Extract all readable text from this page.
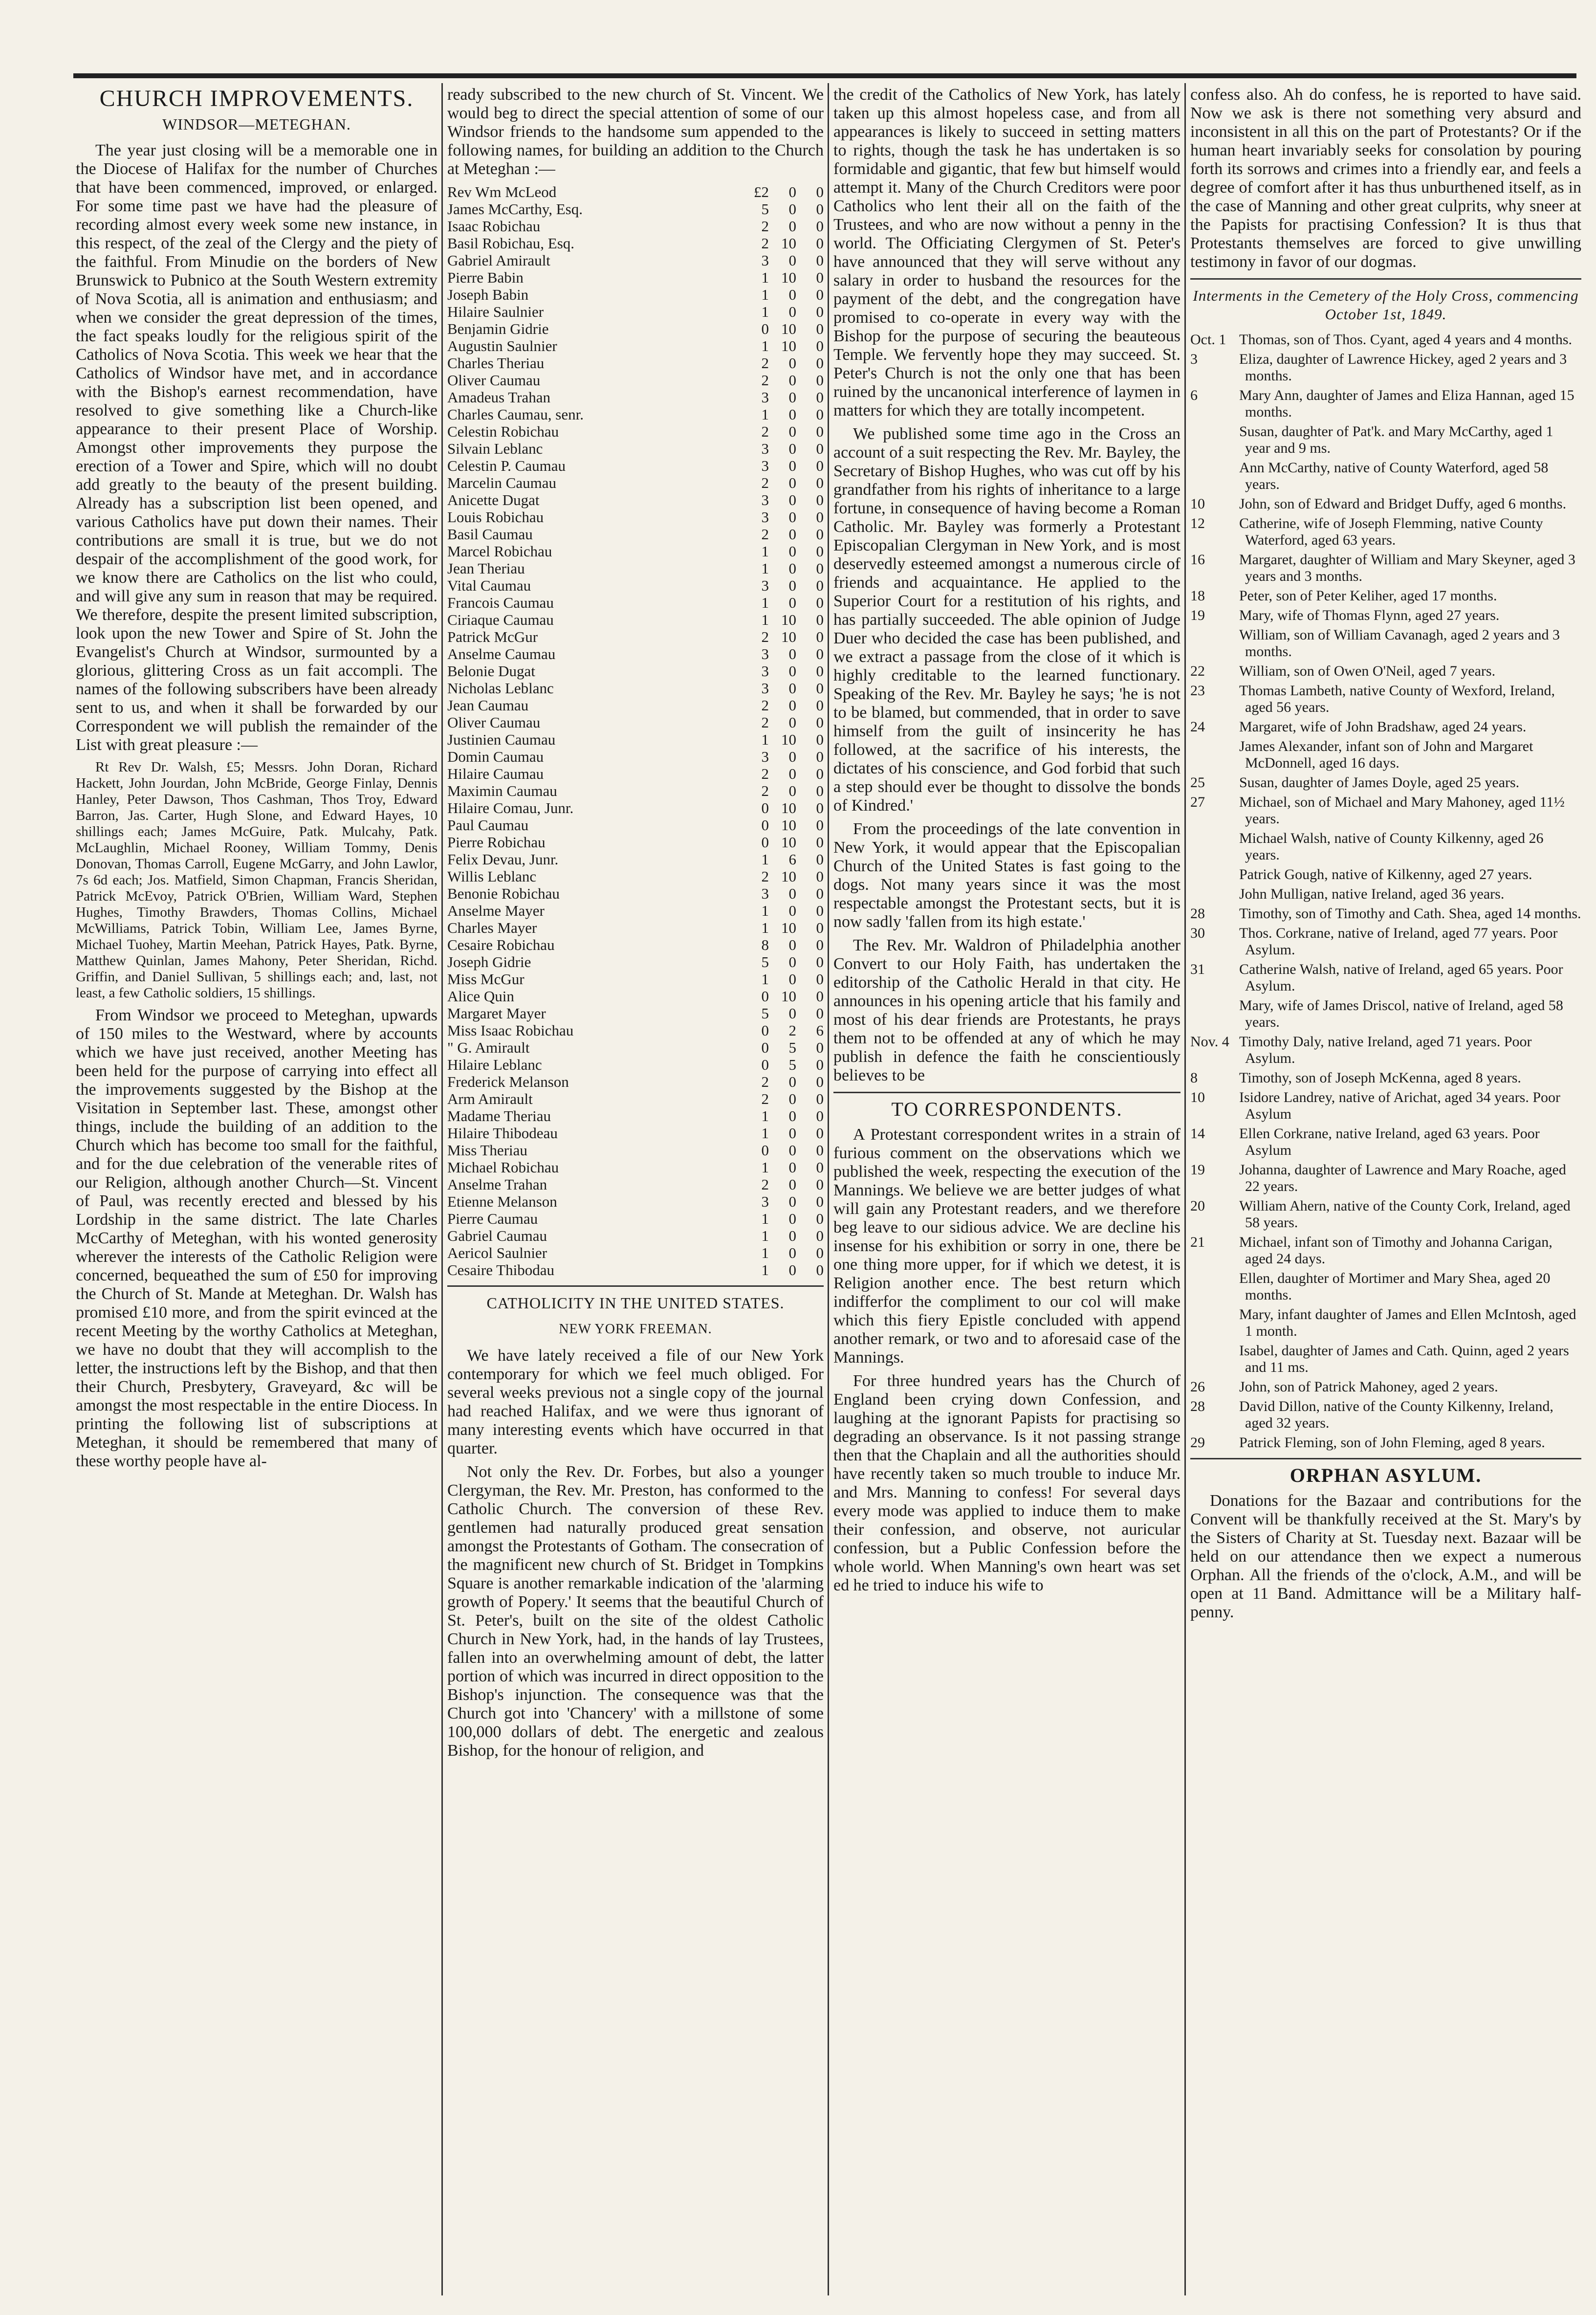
CHURCH IMPROVEMENTS.
WINDSOR—METEGHAN.

The year just closing will be a memorable one in the Diocese of Halifax for the number of Churches that have been commenced, improved, or enlarged. For some time past we have had the pleasure of recording almost every week some new instance, in this respect, of the zeal of the Clergy and the piety of the faithful. From Minudie on the borders of New Brunswick to Pubnico at the South Western extremity of Nova Scotia, all is animation and enthusiasm; and when we consider the great depression of the times, the fact speaks loudly for the religious spirit of the Catholics of Nova Scotia. This week we hear that the Catholics of Windsor have met, and in accordance with the Bishop's earnest recommendation, have resolved to give something like a Church-like appearance to their present Place of Worship. Amongst other improvements they purpose the erection of a Tower and Spire, which will no doubt add greatly to the beauty of the present building. Already has a subscription list been opened, and various Catholics have put down their names. Their contributions are small it is true, but we do not despair of the accomplishment of the good work, for we know there are Catholics on the list who could, and will give any sum in reason that may be required. We therefore, despite the present limited subscription, look upon the new Tower and Spire of St. John the Evangelist's Church at Windsor, surmounted by a glorious, glittering Cross as un fait accompli. The names of the following subscribers have been already sent to us, and when it shall be forwarded by our Correspondent we will publish the remainder of the List with great pleasure :—

Rt Rev Dr. Walsh, £5; Messrs. John Doran, Richard Hackett, John Jourdan, John McBride, George Finlay, Dennis Hanley, Peter Dawson, Thos Cashman, Thos Troy, Edward Barron, Jas. Carter, Hugh Slone, and Edward Hayes, 10 shillings each; James McGuire, Patk. Mulcahy, Patk. McLaughlin, Michael Rooney, William Tommy, Denis Donovan, Thomas Carroll, Eugene McGarry, and John Lawlor, 7s 6d each; Jos. Matfield, Simon Chapman, Francis Sheridan, Patrick McEvoy, Patrick O'Brien, William Ward, Stephen Hughes, Timothy Brawders, Thomas Collins, Michael McWilliams, Patrick Tobin, William Lee, James Byrne, Michael Tuohey, Martin Meehan, Patrick Hayes, Patk. Byrne, Matthew Quinlan, James Mahony, Peter Sheridan, Richd. Griffin, and Daniel Sullivan, 5 shillings each; and, last, not least, a few Catholic soldiers, 15 shillings.

From Windsor we proceed to Meteghan, upwards of 150 miles to the Westward, where by accounts which we have just received, another Meeting has been held for the purpose of carrying into effect all the improvements suggested by the Bishop at the Visitation in September last. These, amongst other things, include the building of an addition to the Church which has become too small for the faithful, and for the due celebration of the venerable rites of our Religion, although another Church—St. Vincent of Paul, was recently erected and blessed by his Lordship in the same district. The late Charles McCarthy of Meteghan, with his wonted generosity wherever the interests of the Catholic Religion were concerned, bequeathed the sum of £50 for improving the Church of St. Mande at Meteghan. Dr. Walsh has promised £10 more, and from the spirit evinced at the recent Meeting by the worthy Catholics at Meteghan, we have no doubt that they will accomplish to the letter, the instructions left by the Bishop, and that then their Church, Presbytery, Graveyard, &c will be amongst the most respectable in the entire Diocess. In printing the following list of subscriptions at Meteghan, it should be remembered that many of these worthy people have al-

ready subscribed to the new church of St. Vincent. We would beg to direct the special attention of some of our Windsor friends to the handsome sum appended to the following names, for building an addition to the Church at Meteghan :—

Rev Wm McLeod	£2	0	0
James McCarthy, Esq.	5	0	0
Isaac Robichau	2	0	0
Basil Robichau, Esq.	2	10	0
Gabriel Amirault	3	0	0
Pierre Babin	1	10	0
Joseph Babin	1	0	0
Hilaire Saulnier	1	0	0
Benjamin Gidrie	0	10	0
Augustin Saulnier	1	10	0
Charles Theriau	2	0	0
Oliver Caumau	2	0	0
Amadeus Trahan	3	0	0
Charles Caumau, senr.	1	0	0
Celestin Robichau	2	0	0
Silvain Leblanc	3	0	0
Celestin P. Caumau	3	0	0
Marcelin Caumau	2	0	0
Anicette Dugat	3	0	0
Louis Robichau	3	0	0
Basil Caumau	2	0	0
Marcel Robichau	1	0	0
Jean Theriau	1	0	0
Vital Caumau	3	0	0
Francois Caumau	1	0	0
Ciriaque Caumau	1	10	0
Patrick McGur	2	10	0
Anselme Caumau	3	0	0
Belonie Dugat	3	0	0
Nicholas Leblanc	3	0	0
Jean Caumau	2	0	0
Oliver Caumau	2	0	0
Justinien Caumau	1	10	0
Domin Caumau	3	0	0
Hilaire Caumau	2	0	0
Maximin Caumau	2	0	0
Hilaire Comau, Junr.	0	10	0
Paul Caumau	0	10	0
Pierre Robichau	0	10	0
Felix Devau, Junr.	1	6	0
Willis Leblanc	2	10	0
Benonie Robichau	3	0	0
Anselme Mayer	1	0	0
Charles Mayer	1	10	0
Cesaire Robichau	8	0	0
Joseph Gidrie	5	0	0
Miss McGur	1	0	0
Alice Quin	0	10	0
Margaret Mayer	5	0	0
Miss Isaac Robichau	0	2	6
" G. Amirault	0	5	0
Hilaire Leblanc	0	5	0
Frederick Melanson	2	0	0
Arm Amirault	2	0	0
Madame Theriau	1	0	0
Hilaire Thibodeau	1	0	0
Miss Theriau	0	0	0
Michael Robichau	1	0	0
Anselme Trahan	2	0	0
Etienne Melanson	3	0	0
Pierre Caumau	1	0	0
Gabriel Caumau	1	0	0
Aericol Saulnier	1	0	0
Cesaire Thibodau	1	0	0
CATHOLICITY IN THE UNITED STATES.
NEW YORK FREEMAN.

We have lately received a file of our New York contemporary for which we feel much obliged. For several weeks previous not a single copy of the journal had reached Halifax, and we were thus ignorant of many interesting events which have occurred in that quarter.

Not only the Rev. Dr. Forbes, but also a younger Clergyman, the Rev. Mr. Preston, has conformed to the Catholic Church. The conversion of these Rev. gentlemen had naturally produced great sensation amongst the Protestants of Gotham. The consecration of the magnificent new church of St. Bridget in Tompkins Square is another remarkable indication of the 'alarming growth of Popery.' It seems that the beautiful Church of St. Peter's, built on the site of the oldest Catholic Church in New York, had, in the hands of lay Trustees, fallen into an overwhelming amount of debt, the latter portion of which was incurred in direct opposition to the Bishop's injunction. The consequence was that the Church got into 'Chancery' with a millstone of some 100,000 dollars of debt. The energetic and zealous Bishop, for the honour of religion, and

the credit of the Catholics of New York, has lately taken up this almost hopeless case, and from all appearances is likely to succeed in setting matters to rights, though the task he has undertaken is so formidable and gigantic, that few but himself would attempt it. Many of the Church Creditors were poor Catholics who lent their all on the faith of the Trustees, and who are now without a penny in the world. The Officiating Clergymen of St. Peter's have announced that they will serve without any salary in order to husband the resources for the payment of the debt, and the congregation have promised to co-operate in every way with the Bishop for the purpose of securing the beauteous Temple. We fervently hope they may succeed. St. Peter's Church is not the only one that has been ruined by the uncanonical interference of laymen in matters for which they are totally incompetent.

We published some time ago in the Cross an account of a suit respecting the Rev. Mr. Bayley, the Secretary of Bishop Hughes, who was cut off by his grandfather from his rights of inheritance to a large fortune, in consequence of having become a Roman Catholic. Mr. Bayley was formerly a Protestant Episcopalian Clergyman in New York, and is most deservedly esteemed amongst a numerous circle of friends and acquaintance. He applied to the Superior Court for a restitution of his rights, and has partially succeeded. The able opinion of Judge Duer who decided the case has been published, and we extract a passage from the close of it which is highly creditable to the learned functionary. Speaking of the Rev. Mr. Bayley he says; 'he is not to be blamed, but commended, that in order to save himself from the guilt of insincerity he has followed, at the sacrifice of his interests, the dictates of his conscience, and God forbid that such a step should ever be thought to dissolve the bonds of Kindred.'

From the proceedings of the late convention in New York, it would appear that the Episcopalian Church of the United States is fast going to the dogs. Not many years since it was the most respectable amongst the Protestant sects, but it is now sadly 'fallen from its high estate.'

The Rev. Mr. Waldron of Philadelphia another Convert to our Holy Faith, has undertaken the editorship of the Catholic Herald in that city. He announces in his opening article that his family and most of his dear friends are Protestants, he prays them not to be offended at any of which he may publish in defence the faith he conscientiously believes to be

TO CORRESPONDENTS.

A Protestant correspondent writes in a strain of furious comment on the observations which we published the week, respecting the execution of the Mannings. We believe we are better judges of what will gain any Protestant readers, and we therefore beg leave to our sidious advice. We are decline his insense for his exhibition or sorry in one, there be one thing more upper, for if which we detest, it is Religion another ence. The best return which indifferfor the compliment to our col will make which this fiery Epistle concluded with append another remark, or two and to aforesaid case of the Mannings.

For three hundred years has the Church of England been crying down Confession, and laughing at the ignorant Papists for practising so degrading an observance. Is it not passing strange then that the Chaplain and all the authorities should have recently taken so much trouble to induce Mr. and Mrs. Manning to confess! For several days every mode was applied to induce them to make their confession, and observe, not auricular confession, but a Public Confession before the whole world. When Manning's own heart was set ed he tried to induce his wife to

confess also. Ah do confess, he is reported to have said. Now we ask is there not something very absurd and inconsistent in all this on the part of Protestants? Or if the human heart invariably seeks for consolation by pouring forth its sorrows and crimes into a friendly ear, and feels a degree of comfort after it has thus unburthened itself, as in the case of Manning and other great culprits, why sneer at the Papists for practising Confession? It is thus that Protestants themselves are forced to give unwilling testimony in favor of our dogmas.

Interments in the Cemetery of the Holy Cross, commencing October 1st, 1849.
Oct. 1 Thomas, son of Thos. Cyant, aged 4 years and 4 months.
3	Eliza, daughter of Lawrence Hickey, aged 2 years and 3 months.
6	Mary Ann, daughter of James and Eliza Hannan, aged 15 months.
Susan, daughter of Pat'k. and Mary McCarthy, aged 1 year and 9 ms.
Ann McCarthy, native of County Waterford, aged 58 years.
10	John, son of Edward and Bridget Duffy, aged 6 months.
12	Catherine, wife of Joseph Flemming, native County Waterford, aged 63 years.
16	Margaret, daughter of William and Mary Skeyner, aged 3 years and 3 months.
18	Peter, son of Peter Keliher, aged 17 months.
19	Mary, wife of Thomas Flynn, aged 27 years.
William, son of William Cavanagh, aged 2 years and 3 months.
22	William, son of Owen O'Neil, aged 7 years.
23	Thomas Lambeth, native County of Wexford, Ireland, aged 56 years.
24	Margaret, wife of John Bradshaw, aged 24 years.
James Alexander, infant son of John and Margaret McDonnell, aged 16 days.
25	Susan, daughter of James Doyle, aged 25 years.
27	Michael, son of Michael and Mary Mahoney, aged 11½ years.
Michael Walsh, native of County Kilkenny, aged 26 years.
Patrick Gough, native of Kilkenny, aged 27 years.
John Mulligan, native Ireland, aged 36 years.
28	Timothy, son of Timothy and Cath. Shea, aged 14 months.
30	Thos. Corkrane, native of Ireland, aged 77 years. Poor Asylum.
31	Catherine Walsh, native of Ireland, aged 65 years. Poor Asylum.
Mary, wife of James Driscol, native of Ireland, aged 58 years.
Nov. 4 Timothy Daly, native Ireland, aged 71 years. Poor Asylum.
8	Timothy, son of Joseph McKenna, aged 8 years.
10	Isidore Landrey, native of Arichat, aged 34 years. Poor Asylum
14	Ellen Corkrane, native Ireland, aged 63 years. Poor Asylum
19	Johanna, daughter of Lawrence and Mary Roache, aged 22 years.
20	William Ahern, native of the County Cork, Ireland, aged 58 years.
21	Michael, infant son of Timothy and Johanna Carigan, aged 24 days.
Ellen, daughter of Mortimer and Mary Shea, aged 20 months.
Mary, infant daughter of James and Ellen McIntosh, aged 1 month.
Isabel, daughter of James and Cath. Quinn, aged 2 years and 11 ms.
26	John, son of Patrick Mahoney, aged 2 years.
28	David Dillon, native of the County Kilkenny, Ireland, aged 32 years.
29	Patrick Fleming, son of John Fleming, aged 8 years.
ORPHAN ASYLUM.

Donations for the Bazaar and contributions for the Convent will be thankfully received at the St. Mary's by the Sisters of Charity at St. Tuesday next. Bazaar will be held on our attendance then we expect a numerous Orphan. All the friends of the o'clock, A.M., and will be open at 11 Band. Admittance will be a Military half-penny.
